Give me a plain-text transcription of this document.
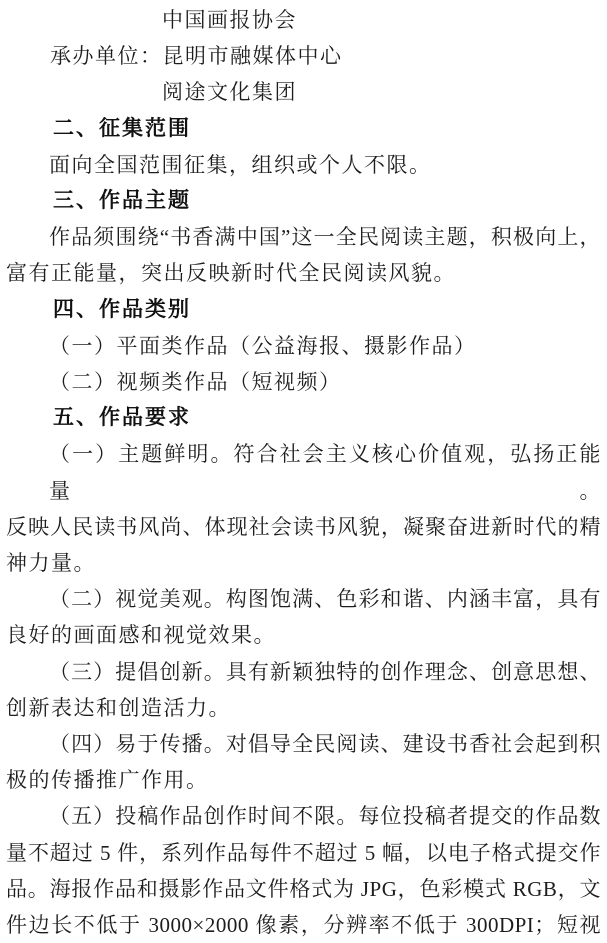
中国画报协会
承办单位：昆明市融媒体中心
阅途文化集团
二、征集范围
面向全国范围征集，组织或个人不限。
三、作品主题
作品须围绕“书香满中国”这一全民阅读主题，积极向上，
富有正能量，突出反映新时代全民阅读风貌。
四、作品类别
（一）平面类作品（公益海报、摄影作品）
（二）视频类作品（短视频）
五、作品要求
（一）主题鲜明。符合社会主义核心价值观，弘扬正能量。
反映人民读书风尚、体现社会读书风貌，凝聚奋进新时代的精
神力量。
（二）视觉美观。构图饱满、色彩和谐、内涵丰富，具有
良好的画面感和视觉效果。
（三）提倡创新。具有新颖独特的创作理念、创意思想、
创新表达和创造活力。
（四）易于传播。对倡导全民阅读、建设书香社会起到积
极的传播推广作用。
（五）投稿作品创作时间不限。每位投稿者提交的作品数
量不超过 5 件，系列作品每件不超过 5 幅，以电子格式提交作
品。海报作品和摄影作品文件格式为 JPG，色彩模式 RGB，文
件边长不低于 3000×2000 像素，分辨率不低于 300DPI；短视
